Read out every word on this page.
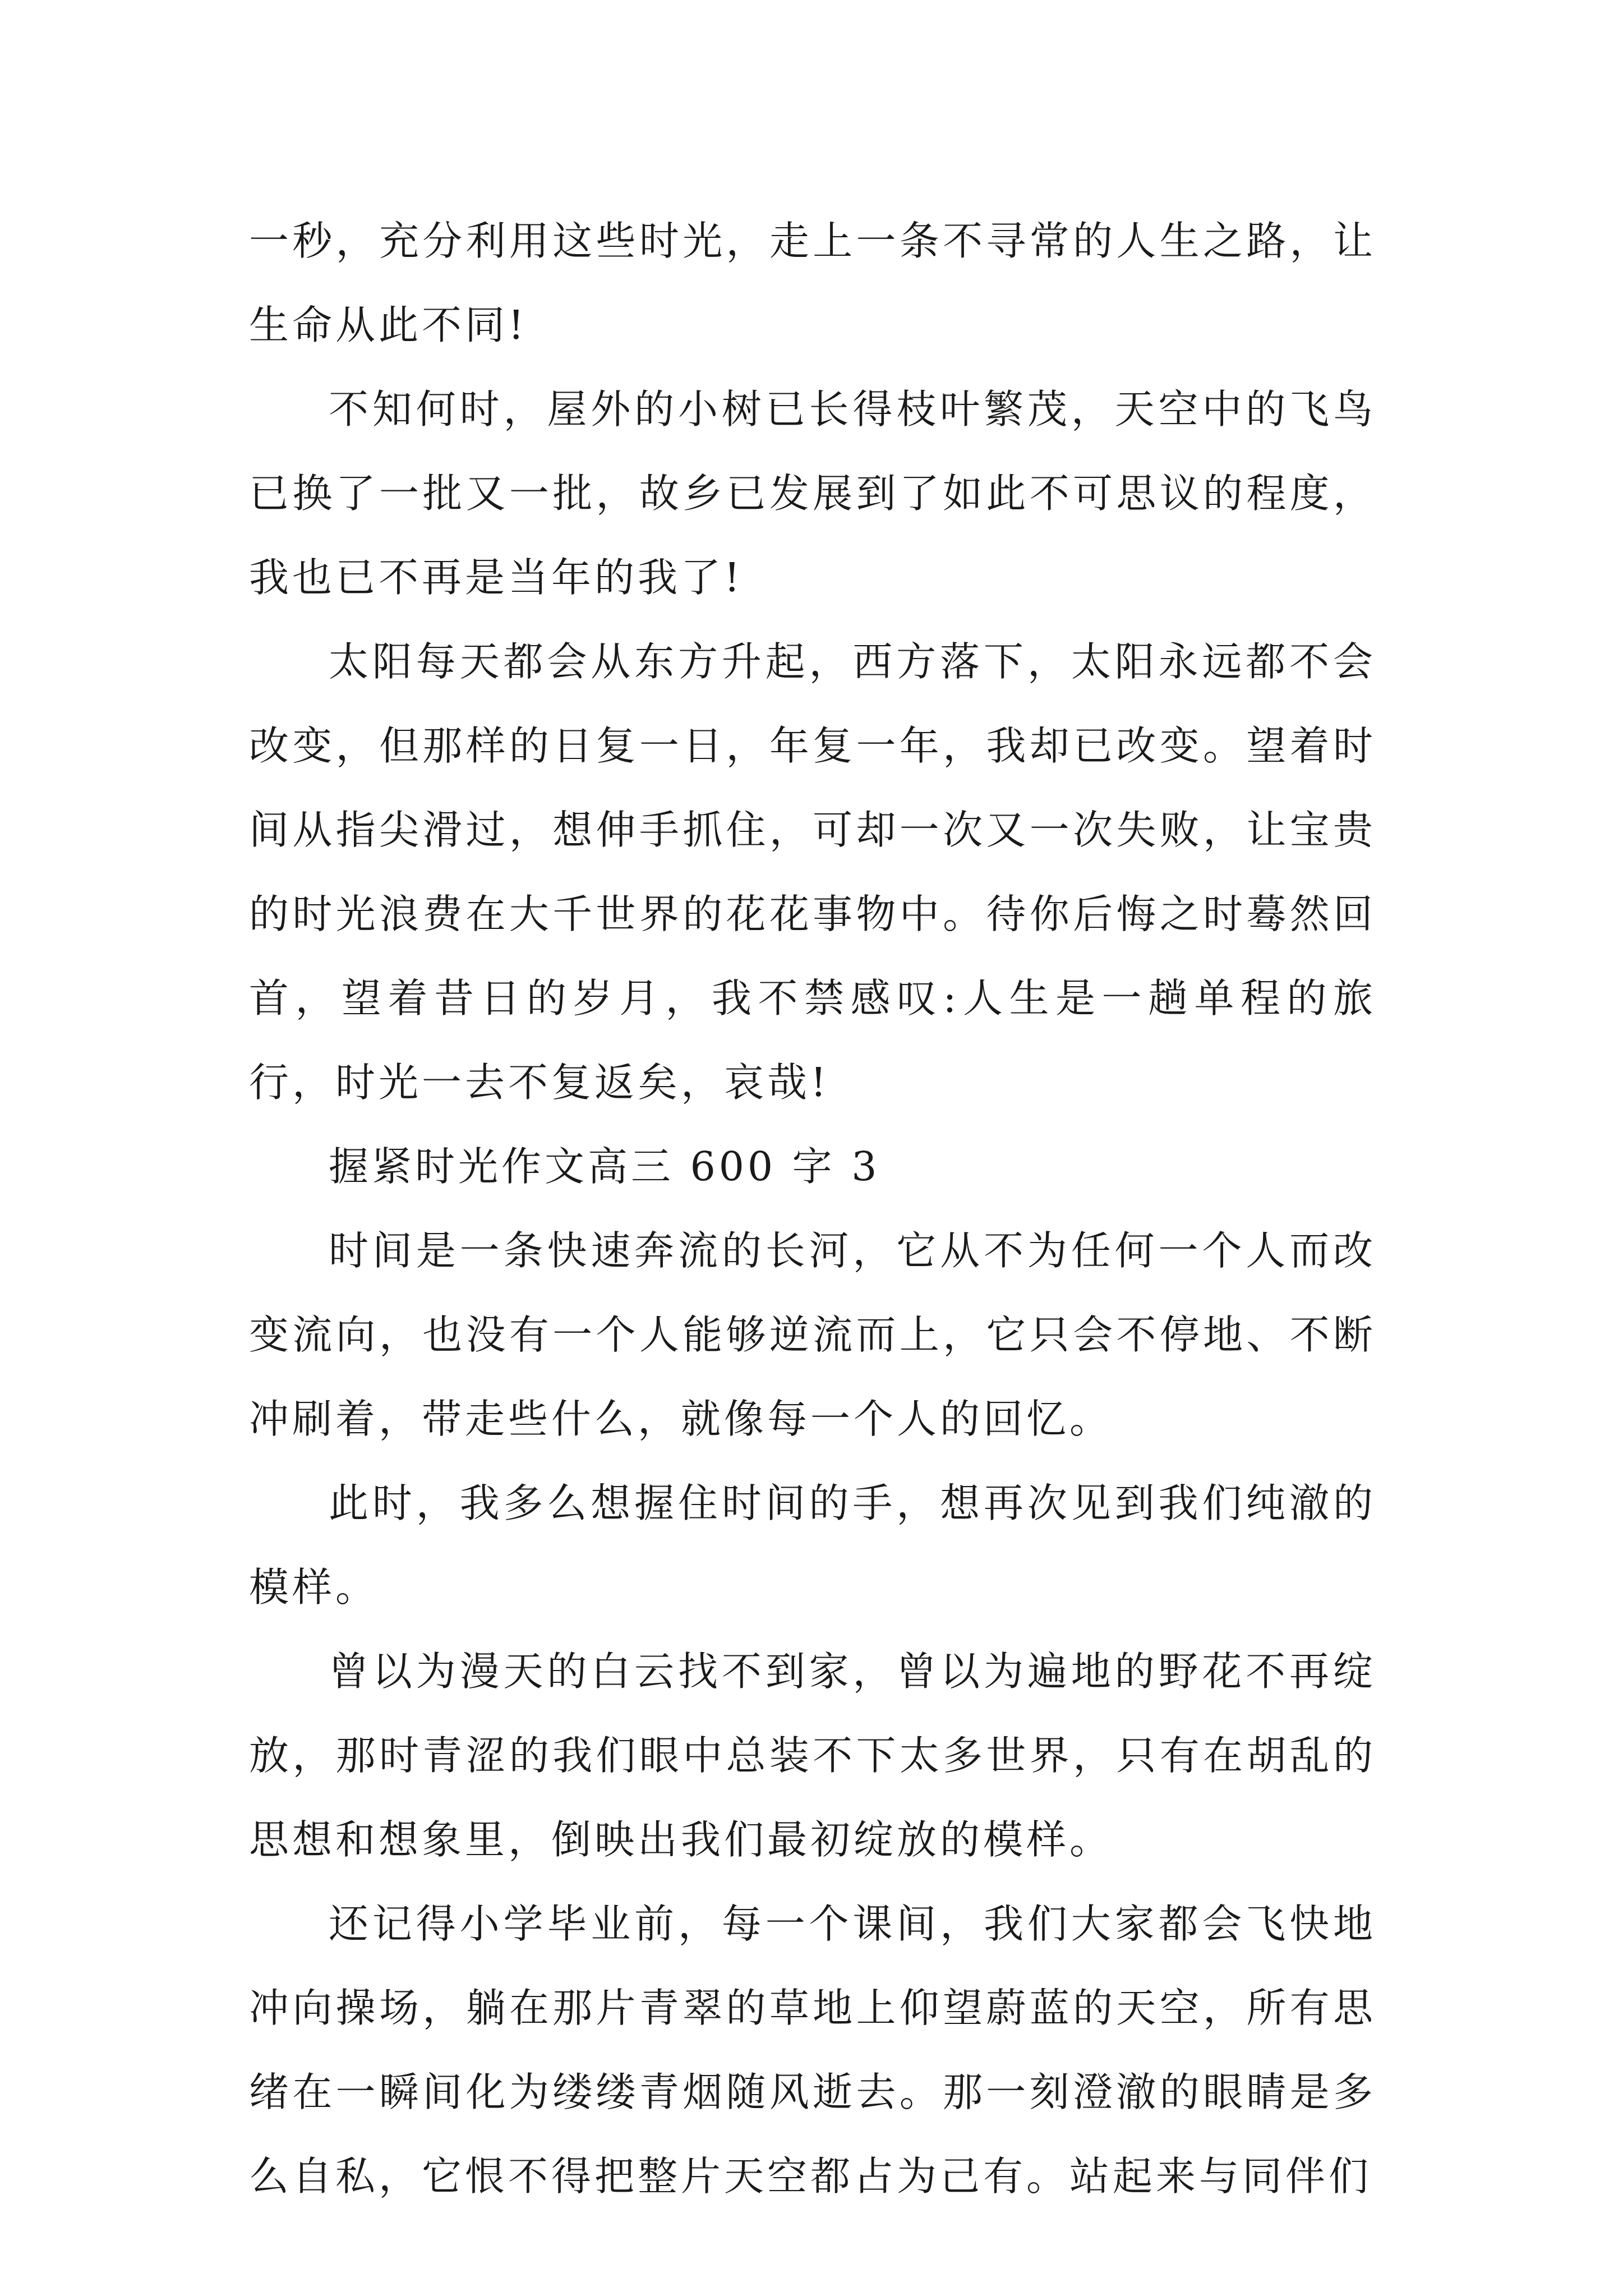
一秒，充分利用这些时光，走上一条不寻常的人生之路，让生命从此不同!

不知何时，屋外的小树已长得枝叶繁茂，天空中的飞鸟已换了一批又一批，故乡已发展到了如此不可思议的程度，我也已不再是当年的我了!

太阳每天都会从东方升起，西方落下，太阳永远都不会改变，但那样的日复一日，年复一年，我却已改变。望着时间从指尖滑过，想伸手抓住，可却一次又一次失败，让宝贵的时光浪费在大千世界的花花事物中。待你后悔之时蓦然回首，望着昔日的岁月，我不禁感叹:人生是一趟单程的旅行，时光一去不复返矣，哀哉!

握紧时光作文高三 600 字 3

时间是一条快速奔流的长河，它从不为任何一个人而改变流向，也没有一个人能够逆流而上，它只会不停地、不断冲刷着，带走些什么，就像每一个人的回忆。

此时，我多么想握住时间的手，想再次见到我们纯澈的模样。

曾以为漫天的白云找不到家，曾以为遍地的野花不再绽放，那时青涩的我们眼中总装不下太多世界，只有在胡乱的思想和想象里，倒映出我们最初绽放的模样。

还记得小学毕业前，每一个课间，我们大家都会飞快地冲向操场，躺在那片青翠的草地上仰望蔚蓝的天空，所有思绪在一瞬间化为缕缕青烟随风逝去。那一刻澄澈的眼睛是多么自私，它恨不得把整片天空都占为己有。站起来与同伴们
